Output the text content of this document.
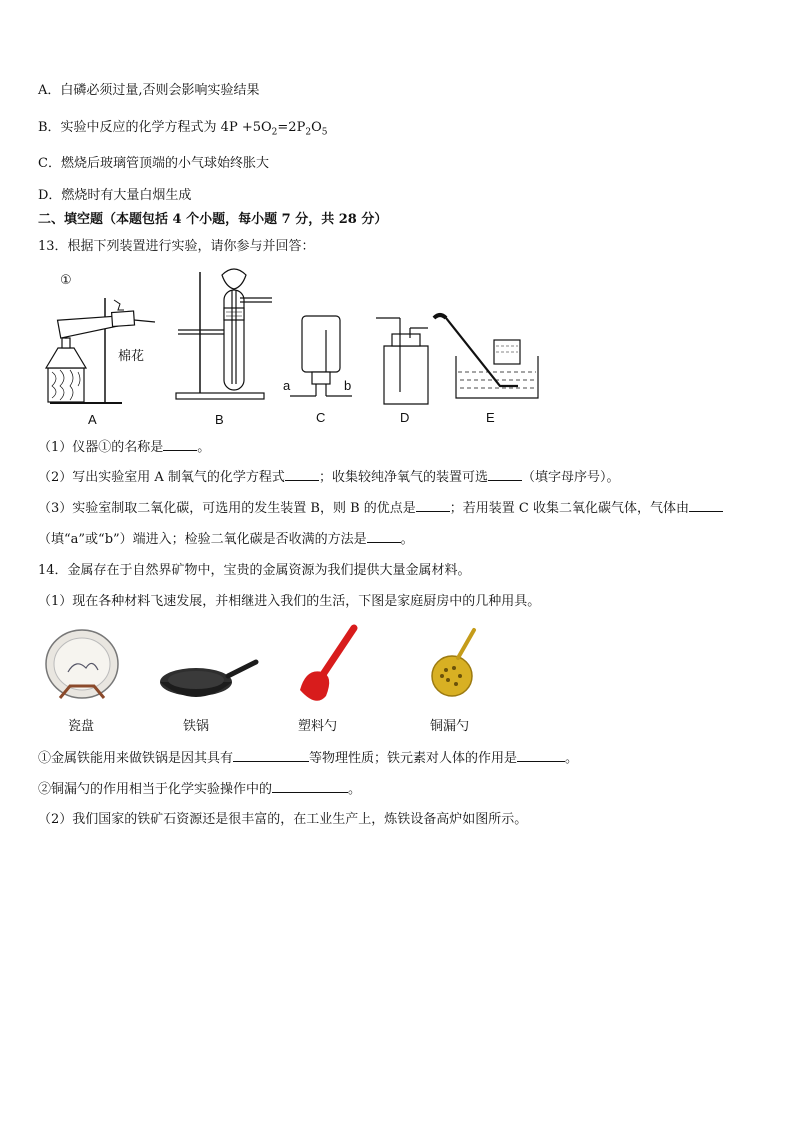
A．白磷必须过量,否则会影响实验结果
B．实验中反应的化学方程式为 $4P +5O_2=2P_2O_5$
C．燃烧后玻璃管顶端的小气球始终胀大
D．燃烧时有大量白烟生成
二、填空题（本题包括 4 个小题，每小题 7 分，共 28 分）
13．根据下列装置进行实验，请你参与并回答：
①
棉花
a	b
A	B	C	D	E
（1）仪器①的名称是	。
（2）写出实验室用 A 制氧气的化学方程式	；收集较纯净氧气的装置可选	（填字母序号）。
（3）实验室制取二氧化碳，可选用的发生装置 B，则 B 的优点是	；若用装置 C 收集二氧化碳气体，气体由
（填“a”或“b”）端进入；检验二氧化碳是否收满的方法是	。
14．金属存在于自然界矿物中，宝贵的金属资源为我们提供大量金属材料。
（1）现在各种材料飞速发展，并相继进入我们的生活，下图是家庭厨房中的几种用具。
瓷盘	铁锅	塑料勺	铜漏勺
①金属铁能用来做铁锅是因其具有	等物理性质；铁元素对人体的作用是	。
②铜漏勺的作用相当于化学实验操作中的	。
（2）我们国家的铁矿石资源还是很丰富的，在工业生产上，炼铁设备高炉如图所示。
